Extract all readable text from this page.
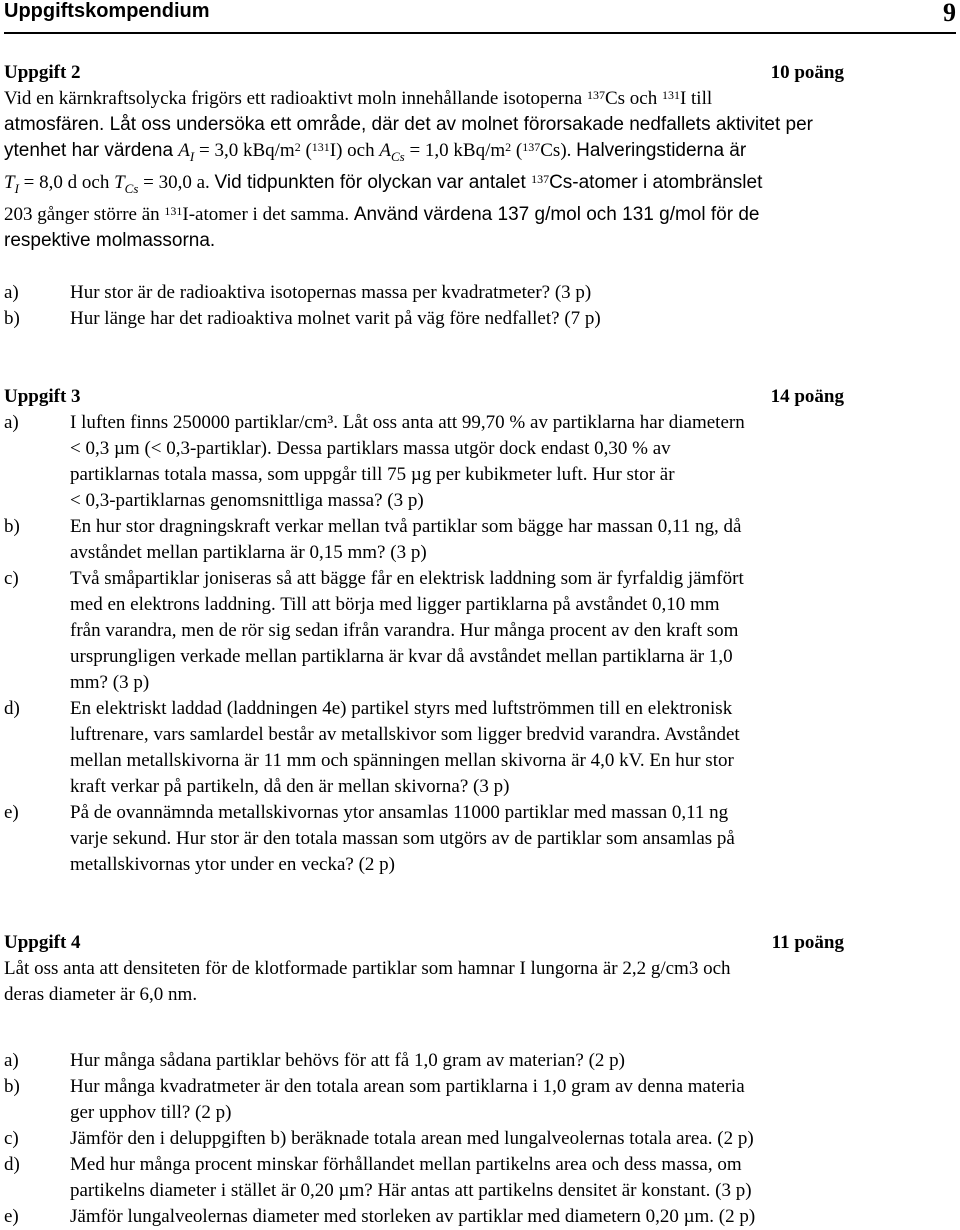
Uppgiftskompendium	9
Uppgift 2	10 poäng
Vid en kärnkraftsolycka frigörs ett radioaktivt moln innehållande isotoperna $^{137}$Cs och $^{131}$I till
atmosfären. Låt oss undersöka ett område, där det av molnet förorsakade nedfallets aktivitet per
ytenhet har värdena $A_I = 3,0$ kBq/$m^2$ ($^{131}$I) och $A_{Cs} = 1,0$ kBq/$m^2$ ($^{137}$Cs). Halveringstiderna är
$T_I = 8,0$ d och $T_{Cs} = 30,0$ a. Vid tidpunkten för olyckan var antalet $^{137}$Cs-atomer i atombränslet
203 gånger större än $^{131}$I-atomer i det samma. Använd värdena 137 g/mol och 131 g/mol för de
respektive molmassorna.
a)	Hur stor är de radioaktiva isotopernas massa per kvadratmeter? (3 p)
b)	Hur länge har det radioaktiva molnet varit på väg före nedfallet? (7 p)
Uppgift 3	14 poäng
a)	I luften finns 250000 partiklar/cm³. Låt oss anta att 99,70 % av partiklarna har diametern
< 0,3 µm (< 0,3-partiklar). Dessa partiklars massa utgör dock endast 0,30 % av
partiklarnas totala massa, som uppgår till 75 µg per kubikmeter luft. Hur stor är
< 0,3-partiklarnas genomsnittliga massa? (3 p)
b)	En hur stor dragningskraft verkar mellan två partiklar som bägge har massan 0,11 ng, då
avståndet mellan partiklarna är 0,15 mm? (3 p)
c)	Två småpartiklar joniseras så att bägge får en elektrisk laddning som är fyrfaldig jämfört
med en elektrons laddning. Till att börja med ligger partiklarna på avståndet 0,10 mm
från varandra, men de rör sig sedan ifrån varandra. Hur många procent av den kraft som
ursprungligen verkade mellan partiklarna är kvar då avståndet mellan partiklarna är 1,0
mm? (3 p)
d)	En elektriskt laddad (laddningen 4e) partikel styrs med luftströmmen till en elektronisk
luftrenare, vars samlardel består av metallskivor som ligger bredvid varandra. Avståndet
mellan metallskivorna är 11 mm och spänningen mellan skivorna är 4,0 kV. En hur stor
kraft verkar på partikeln, då den är mellan skivorna? (3 p)
e)	På de ovannämnda metallskivornas ytor ansamlas 11000 partiklar med massan 0,11 ng
varje sekund. Hur stor är den totala massan som utgörs av de partiklar som ansamlas på
metallskivornas ytor under en vecka? (2 p)
Uppgift 4	11 poäng
Låt oss anta att densiteten för de klotformade partiklar som hamnar I lungorna är 2,2 g/cm3 och
deras diameter är 6,0 nm.
a)	Hur många sådana partiklar behövs för att få 1,0 gram av materian? (2 p)
b)	Hur många kvadratmeter är den totala arean som partiklarna i 1,0 gram av denna materia
ger upphov till? (2 p)
c)	Jämför den i deluppgiften b) beräknade totala arean med lungalveolernas totala area. (2 p)
d)	Med hur många procent minskar förhållandet mellan partikelns area och dess massa, om
partikelns diameter i stället är 0,20 µm? Här antas att partikelns densitet är konstant. (3 p)
e)	Jämför lungalveolernas diameter med storleken av partiklar med diametern 0,20 µm. (2 p)
